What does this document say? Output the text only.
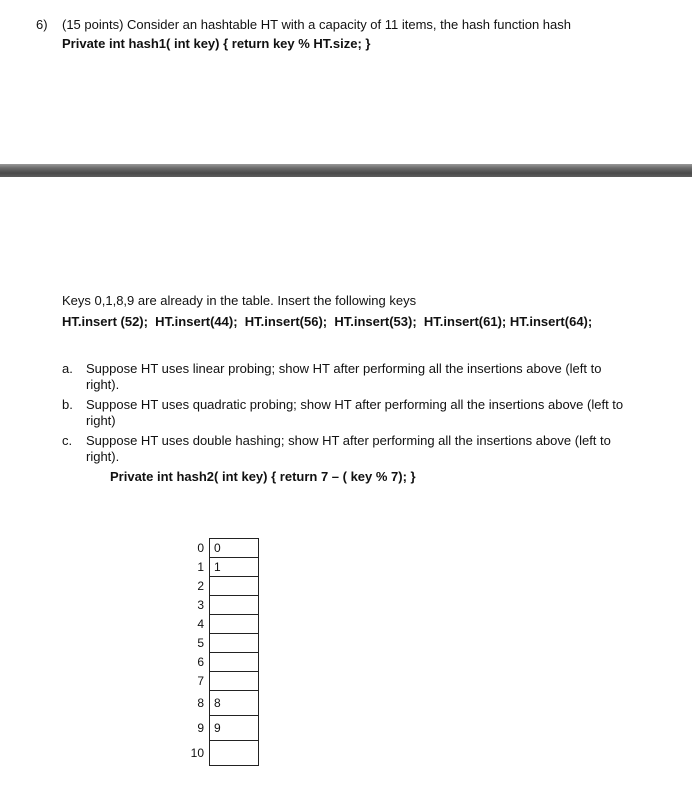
6) (15 points) Consider an hashtable HT with a capacity of 11 items, the hash function hash
Private int hash1( int key) { return key % HT.size; }
Keys 0,1,8,9 are already in the table. Insert the following keys
HT.insert (52);  HT.insert(44);  HT.insert(56);  HT.insert(53);  HT.insert(61); HT.insert(64);
a.	Suppose HT uses linear probing; show HT after performing all the insertions above (left to right).
b.	Suppose HT uses quadratic probing; show HT after performing all the insertions above (left to right)
c.	Suppose HT uses double hashing; show HT after performing all the insertions above (left to right).
Private int hash2( int key) { return 7 – ( key % 7); }
0	0
1	1
2	
3	
4	
5	
6	
7	
8	8
9	9
10	
